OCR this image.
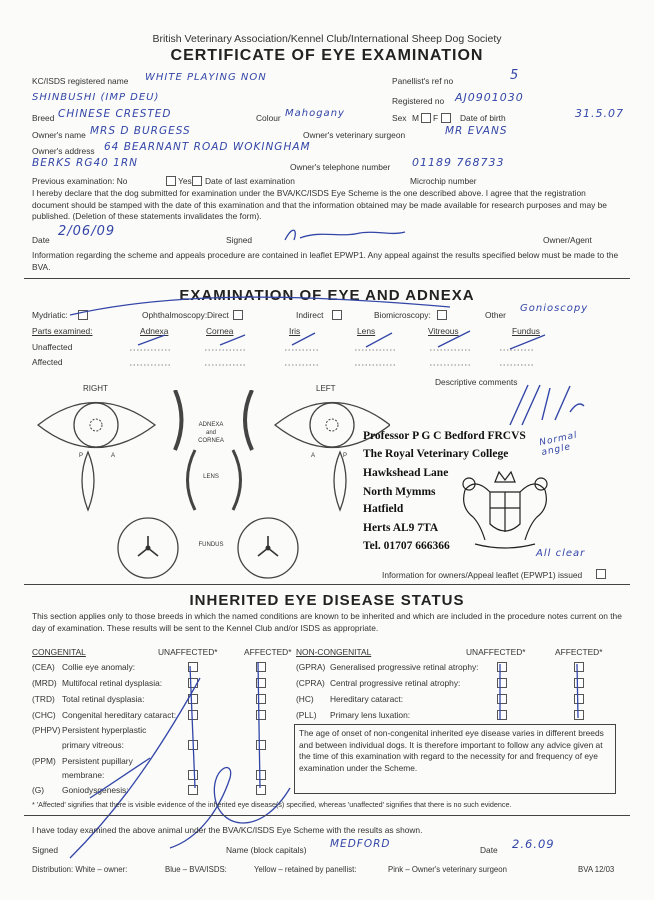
British Veterinary Association/Kennel Club/International Sheep Dog Society
CERTIFICATE OF EYE EXAMINATION
KC/ISDS registered name WHITE PLAYING NON
SHINBUSHI (IMP DEU)
Panellist's ref no	5
Registered no AJ0901030
Breed CHINESE CRESTED	Colour Mahogany	Sex M F	Date of birth	31.5.07
Owner's name MRS D BURGESS	Owner's veterinary surgeon	MR EVANS
Owner's address 64 BEARNANT ROAD WOKINGHAM
BERKS RG40 1RN	Owner's telephone number 01189 768733
Previous examination: No	Yes Date of last examination	Microchip number
I hereby declare that the dog submitted for examination under the BVA/KC/ISDS Eye Scheme is the one described above. I agree that the registration document should be stamped with the date of this examination and that the information obtained may be made available for research purposes and may be published. (Deletion of these statements invalidates the form).
Date
2/06/09
Signed	Owner/Agent
Information regarding the scheme and appeals procedure are contained in leaflet EPWP1. Any appeal against the results specified below must be made to the BVA.
EXAMINATION OF EYE AND ADNEXA
Mydriatic:	Ophthalmoscopy: Direct	Indirect	Biomicroscopy:	Other
Gonioscopy
Parts examined:	Adnexa	Cornea	Iris	Lens	Vitreous	Fundus
Unaffected
Affected
RIGHT	LEFT
ADNEXA
and
CORNEA
LENS
FUNDUS
P	A	A	P
Descriptive comments
Normal angle
Professor P G C Bedford FRCVS
The Royal Veterinary College
Hawkshead Lane
North Mymms
Hatfield
Herts AL9 7TA
Tel. 01707 666366
All clear
Information for owners/Appeal leaflet (EPWP1) issued
INHERITED EYE DISEASE STATUS
This section applies only to those breeds in which the named conditions are known to be inherited and which are included in the procedure notes current on the day of examination. These results will be sent to the Kennel Club and/or ISDS as appropriate.
CONGENITAL	UNAFFECTED*	AFFECTED* NON-CONGENITAL	UNAFFECTED*	AFFECTED*
(CEA) Collie eye anomaly:
(MRD) Multifocal retinal dysplasia:
(TRD) Total retinal dysplasia:
(CHC) Congenital hereditary cataract:
(PHPV) Persistent hyperplastic
primary vitreous:
(PPM) Persistent pupillary
membrane:
(G) Goniodysgenesis:
(GPRA) Generalised progressive retinal atrophy:
(CPRA) Central progressive retinal atrophy:
(HC) Hereditary cataract:
(PLL) Primary lens luxation:
The age of onset of non-congenital inherited eye disease varies in different breeds and between individual dogs. It is therefore important to follow any advice given at the time of this examination with regard to the necessity for and frequency of eye examination under the Scheme.
* 'Affected' signifies that there is visible evidence of the inherited eye disease(s) specified, whereas 'unaffected' signifies that there is no such evidence.
I have today examined the above animal under the BVA/KC/ISDS Eye Scheme with the results as shown.
Signed	Name (block capitals) MEDFORD	Date 2.6.09
Distribution: White – owner:	Blue – BVA/ISDS:	Yellow – retained by panellist:	Pink – Owner's veterinary surgeon	BVA 12/03
